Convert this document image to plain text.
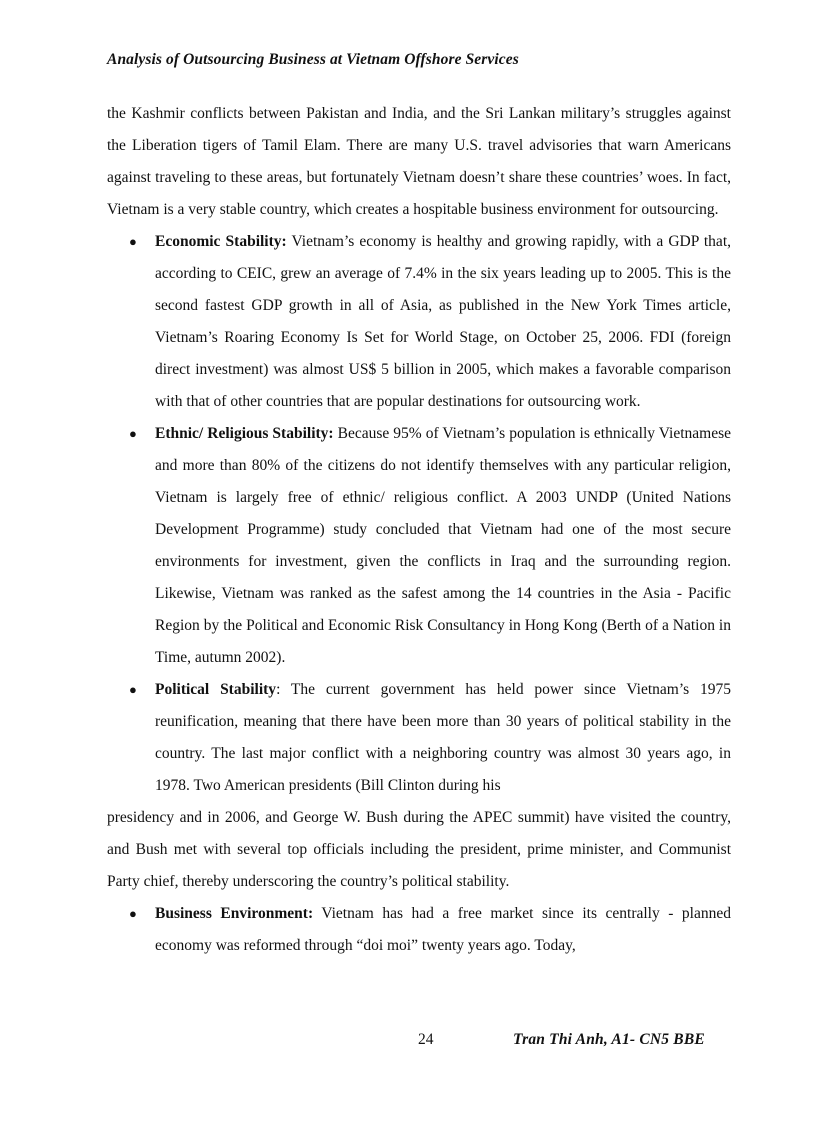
Analysis of Outsourcing Business at Vietnam Offshore Services

the Kashmir conflicts between Pakistan and India, and the Sri Lankan military’s struggles against the Liberation tigers of Tamil Elam. There are many U.S. travel advisories that warn Americans against traveling to these areas, but fortunately Vietnam doesn’t share these countries’ woes. In fact, Vietnam is a very stable country, which creates a hospitable business environment for outsourcing.

● Economic Stability: Vietnam’s economy is healthy and growing rapidly, with a GDP that, according to CEIC, grew an average of 7.4% in the six years leading up to 2005. This is the second fastest GDP growth in all of Asia, as published in the New York Times article, Vietnam’s Roaring Economy Is Set for World Stage, on October 25, 2006. FDI (foreign direct investment) was almost US$ 5 billion in 2005, which makes a favorable comparison with that of other countries that are popular destinations for outsourcing work.
● Ethnic/ Religious Stability: Because 95% of Vietnam’s population is ethnically Vietnamese and more than 80% of the citizens do not identify themselves with any particular religion, Vietnam is largely free of ethnic/ religious conflict. A 2003 UNDP (United Nations Development Programme) study concluded that Vietnam had one of the most secure environments for investment, given the conflicts in Iraq and the surrounding region. Likewise, Vietnam was ranked as the safest among the 14 countries in the Asia - Pacific Region by the Political and Economic Risk Consultancy in Hong Kong (Berth of a Nation in Time, autumn 2002).
● Political Stability: The current government has held power since Vietnam’s 1975 reunification, meaning that there have been more than 30 years of political stability in the country. The last major conflict with a neighboring country was almost 30 years ago, in 1978. Two American presidents (Bill Clinton during his
presidency and in 2006, and George W. Bush during the APEC summit) have visited the country, and Bush met with several top officials including the president, prime minister, and Communist Party chief, thereby underscoring the country’s political stability.
● Business Environment: Vietnam has had a free market since its centrally - planned economy was reformed through “doi moi” twenty years ago. Today,
24	Tran Thi Anh, A1- CN5 BBE
